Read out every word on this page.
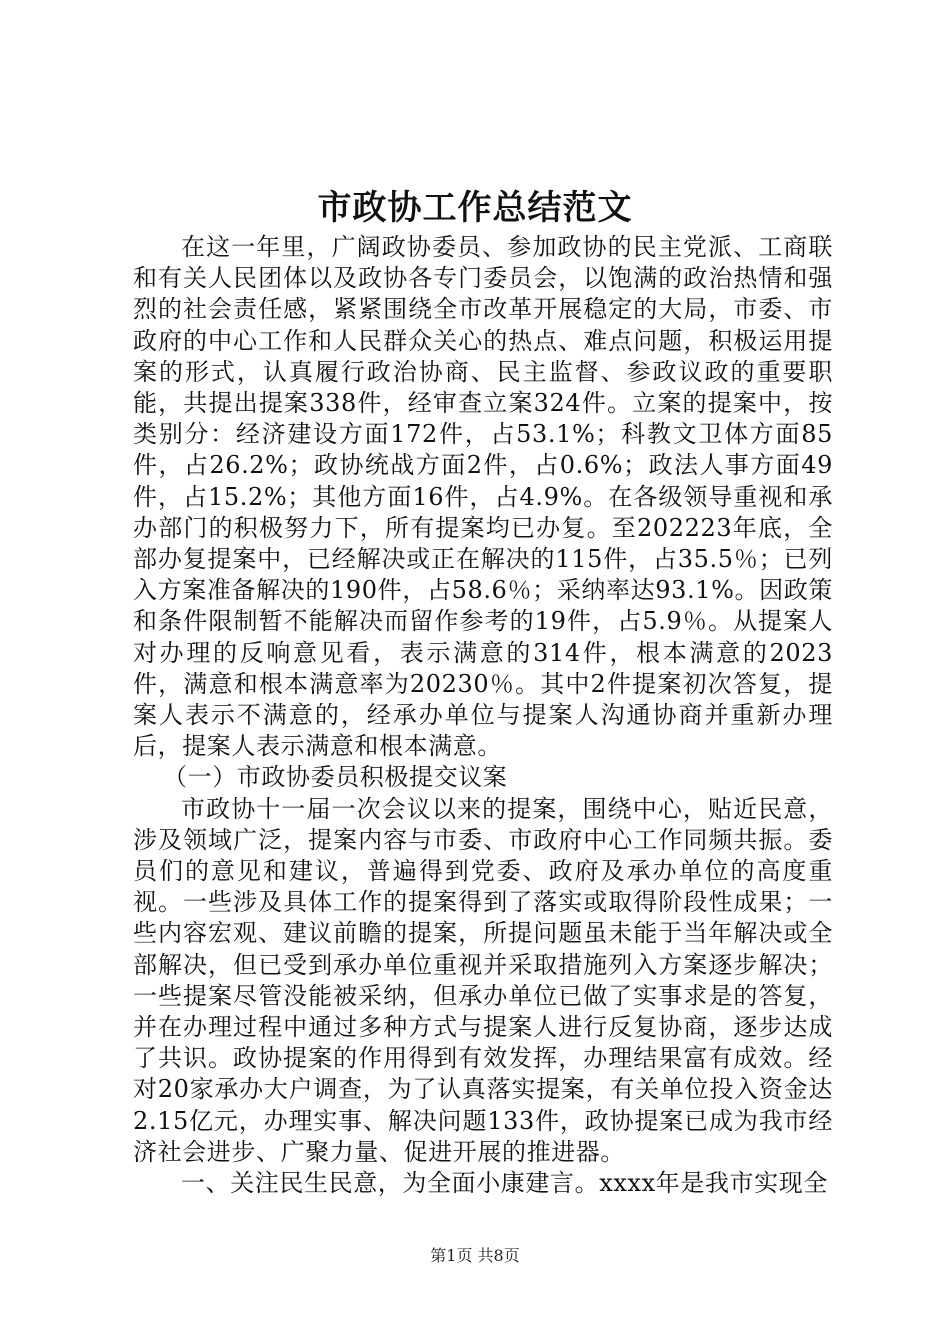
市政协工作总结范文

在这一年里，广阔政协委员、参加政协的民主党派、工商联和有关人民团体以及政协各专门委员会，以饱满的政治热情和强烈的社会责任感，紧紧围绕全市改革开展稳定的大局，市委、市政府的中心工作和人民群众关心的热点、难点问题，积极运用提案的形式，认真履行政治协商、民主监督、参政议政的重要职能，共提出提案338件，经审查立案324件。立案的提案中，按类别分：经济建设方面172件，占53.1%；科教文卫体方面85件，占26.2%；政协统战方面2件，占0.6%；政法人事方面49件，占15.2%；其他方面16件，占4.9%。在各级领导重视和承办部门的积极努力下，所有提案均已办复。至202223年底，全部办复提案中，已经解决或正在解决的115件，占35.5％；已列入方案准备解决的190件，占58.6％；采纳率达93.1%。因政策和条件限制暂不能解决而留作参考的19件，占5.9％。从提案人对办理的反响意见看，表示满意的314件，根本满意的2023件，满意和根本满意率为20230％。其中2件提案初次答复，提案人表示不满意的，经承办单位与提案人沟通协商并重新办理后，提案人表示满意和根本满意。

（一）市政协委员积极提交议案

市政协十一届一次会议以来的提案，围绕中心，贴近民意，涉及领域广泛，提案内容与市委、市政府中心工作同频共振。委员们的意见和建议，普遍得到党委、政府及承办单位的高度重视。一些涉及具体工作的提案得到了落实或取得阶段性成果；一些内容宏观、建议前瞻的提案，所提问题虽未能于当年解决或全部解决，但已受到承办单位重视并采取措施列入方案逐步解决；一些提案尽管没能被采纳，但承办单位已做了实事求是的答复，并在办理过程中通过多种方式与提案人进行反复协商，逐步达成了共识。政协提案的作用得到有效发挥，办理结果富有成效。经对20家承办大户调查，为了认真落实提案，有关单位投入资金达2.15亿元，办理实事、解决问题133件，政协提案已成为我市经济社会进步、广聚力量、促进开展的推进器。

一、关注民生民意，为全面小康建言。xxxx年是我市实现全

第1页 共8页
